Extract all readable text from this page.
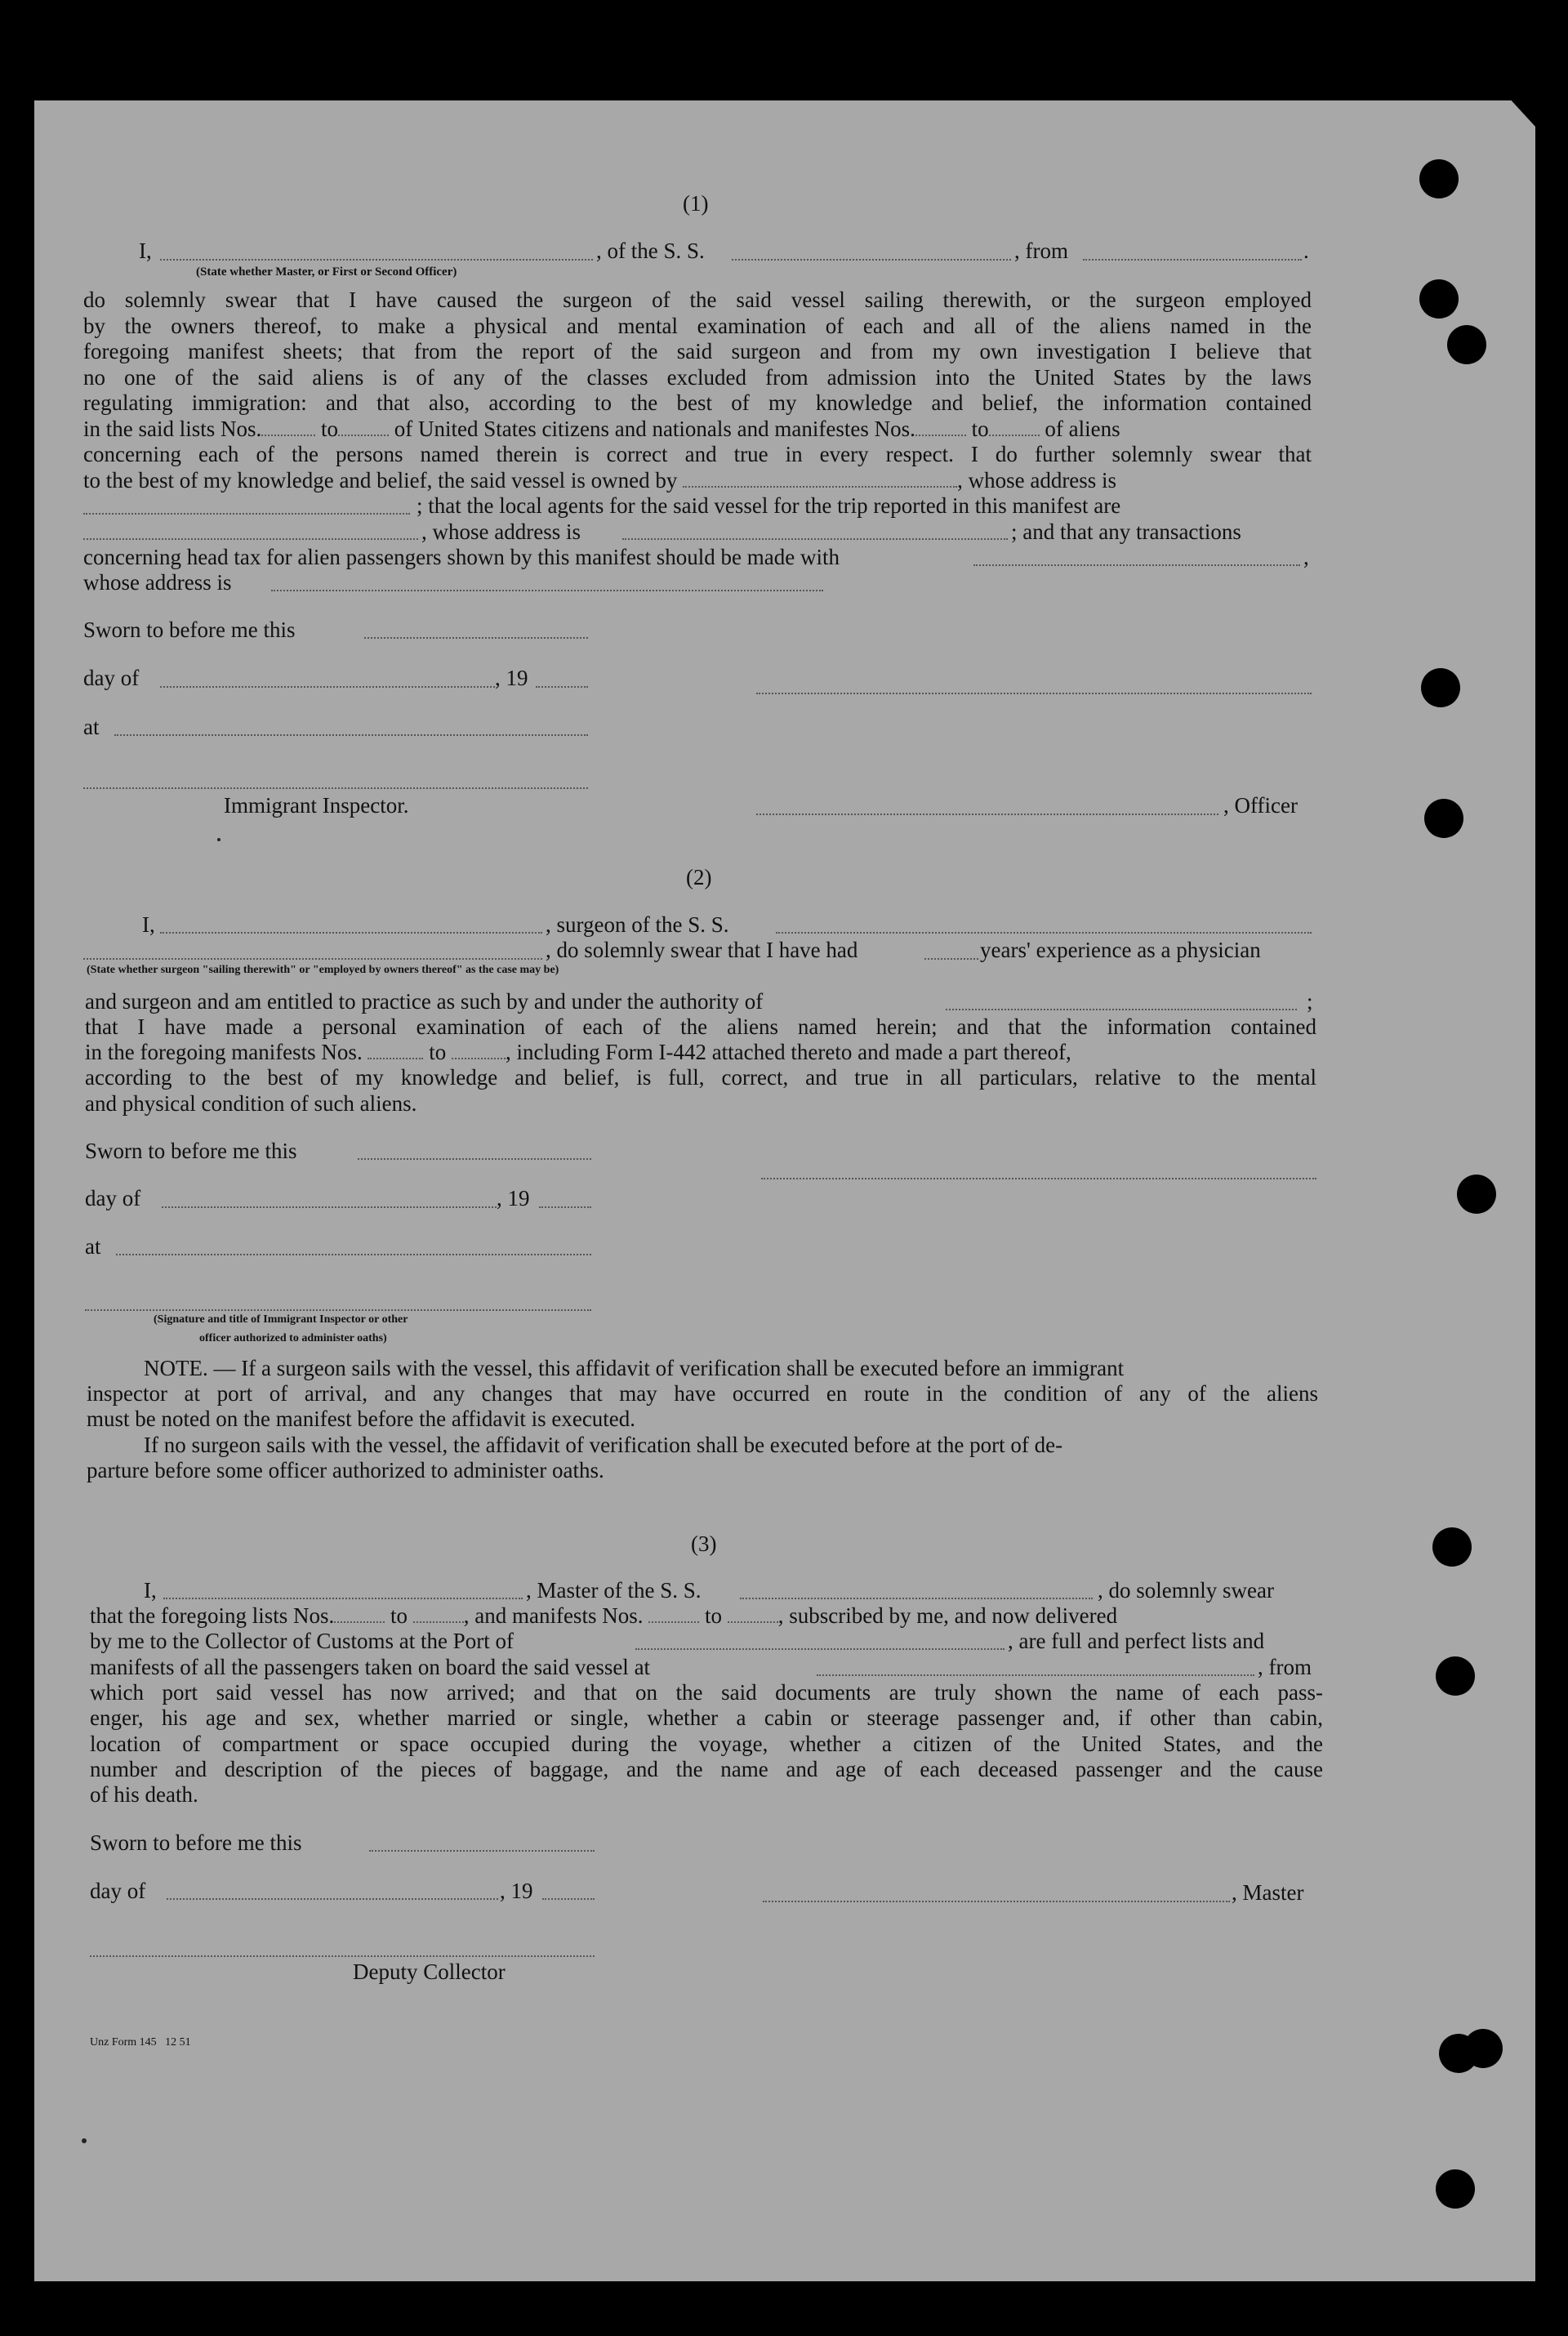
(1)
I,	, of the S. S.	, from	.
(State whether Master, or First or Second Officer)
do solemnly swear that I have caused the surgeon of the said vessel sailing therewith, or the surgeon employed
by the owners thereof, to make a physical and mental examination of each and all of the aliens named in the
foregoing manifest sheets; that from the report of the said surgeon and from my own investigation I believe that
no one of the said aliens is of any of the classes excluded from admission into the United States by the laws
regulating immigration: and that also, according to the best of my knowledge and belief, the information contained
in the said lists Nos.	to	of United States citizens and nationals and manifestes Nos.	to	of aliens
concerning each of the persons named therein is correct and true in every respect. I do further solemnly swear that
to the best of my knowledge and belief, the said vessel is owned by	, whose address is
; that the local agents for the said vessel for the trip reported in this manifest are
, whose address is	; and that any transactions
concerning head tax for alien passengers shown by this manifest should be made with	,
whose address is
Sworn to before me this
day of	, 19
at
Immigrant Inspector.	, Officer
(2)
I,	, surgeon of the S. S.
, do solemnly swear that I have had	years' experience as a physician
(State whether surgeon "sailing therewith" or "employed by owners thereof" as the case may be)
and surgeon and am entitled to practice as such by and under the authority of	;
that I have made a personal examination of each of the aliens named herein; and that the information contained
in the foregoing manifests Nos.	to	, including Form I-442 attached thereto and made a part thereof,
according to the best of my knowledge and belief, is full, correct, and true in all particulars, relative to the mental
and physical condition of such aliens.
Sworn to before me this
day of	, 19
at
(Signature and title of Immigrant Inspector or other
officer authorized to administer oaths)
NOTE. — If a surgeon sails with the vessel, this affidavit of verification shall be executed before an immigrant
inspector at port of arrival, and any changes that may have occurred en route in the condition of any of the aliens
must be noted on the manifest before the affidavit is executed.
If no surgeon sails with the vessel, the affidavit of verification shall be executed before at the port of de-
parture before some officer authorized to administer oaths.
(3)
I,	, Master of the S. S.	, do solemnly swear
that the foregoing lists Nos.	to	, and manifests Nos.	to	, subscribed by me, and now delivered
by me to the Collector of Customs at the Port of	, are full and perfect lists and
manifests of all the passengers taken on board the said vessel at	, from
which port said vessel has now arrived; and that on the said documents are truly shown the name of each pass-
enger, his age and sex, whether married or single, whether a cabin or steerage passenger and, if other than cabin,
location of compartment or space occupied during the voyage, whether a citizen of the United States, and the
number and description of the pieces of baggage, and the name and age of each deceased passenger and the cause
of his death.
Sworn to before me this
day of	, 19	, Master
Deputy Collector
Unz Form 145   12 51
